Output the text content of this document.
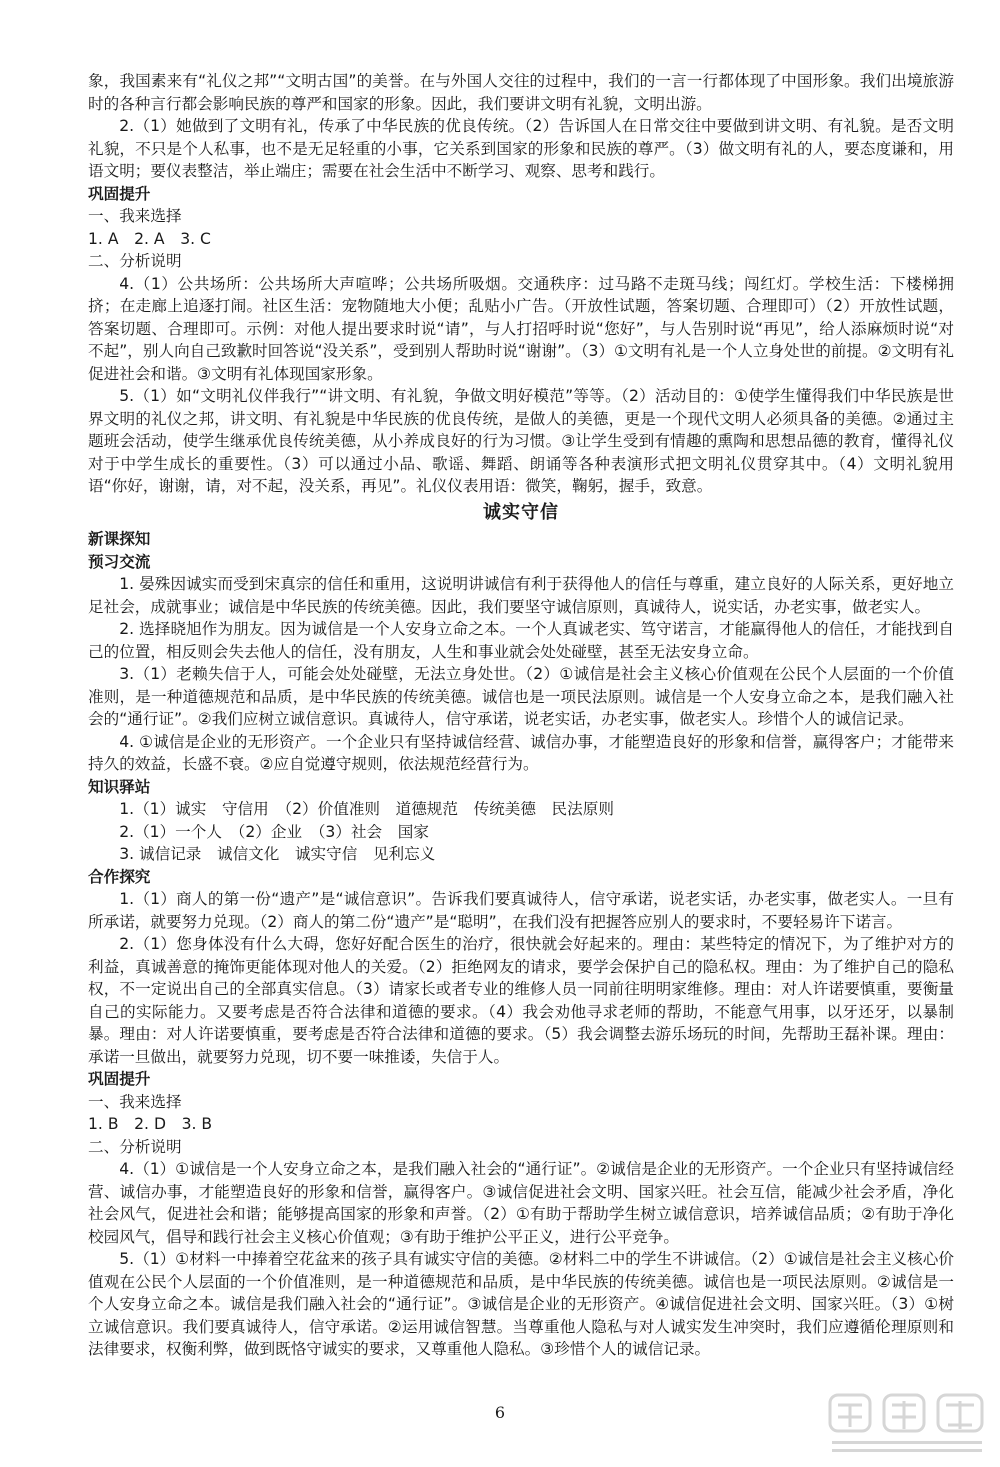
象，我国素来有“礼仪之邦”“文明古国”的美誉。在与外国人交往的过程中，我们的一言一行都体现了中国形象。我们出境旅游时的各种言行都会影响民族的尊严和国家的形象。因此，我们要讲文明有礼貌，文明出游。

2.（1）她做到了文明有礼，传承了中华民族的优良传统。（2）告诉国人在日常交往中要做到讲文明、有礼貌。是否文明礼貌，不只是个人私事，也不是无足轻重的小事，它关系到国家的形象和民族的尊严。（3）做文明有礼的人，要态度谦和，用语文明；要仪表整洁，举止端庄；需要在社会生活中不断学习、观察、思考和践行。

巩固提升

一、我来选择

1. A　2. A　3. C

二、分析说明

4.（1）公共场所：公共场所大声喧哗；公共场所吸烟。交通秩序：过马路不走斑马线；闯红灯。学校生活：下楼梯拥挤；在走廊上追逐打闹。社区生活：宠物随地大小便；乱贴小广告。（开放性试题，答案切题、合理即可）（2）开放性试题，答案切题、合理即可。示例：对他人提出要求时说“请”，与人打招呼时说“您好”，与人告别时说“再见”，给人添麻烦时说“对不起”，别人向自己致歉时回答说“没关系”，受到别人帮助时说“谢谢”。（3）①文明有礼是一个人立身处世的前提。②文明有礼促进社会和谐。③文明有礼体现国家形象。

5.（1）如“文明礼仪伴我行”“讲文明、有礼貌，争做文明好模范”等等。（2）活动目的：①使学生懂得我们中华民族是世界文明的礼仪之邦，讲文明、有礼貌是中华民族的优良传统，是做人的美德，更是一个现代文明人必须具备的美德。②通过主题班会活动，使学生继承优良传统美德，从小养成良好的行为习惯。③让学生受到有情趣的熏陶和思想品德的教育，懂得礼仪对于中学生成长的重要性。（3）可以通过小品、歌谣、舞蹈、朗诵等各种表演形式把文明礼仪贯穿其中。（4）文明礼貌用语“你好，谢谢，请，对不起，没关系，再见”。礼仪仪表用语：微笑，鞠躬，握手，致意。

诚实守信

新课探知

预习交流

1. 晏殊因诚实而受到宋真宗的信任和重用，这说明讲诚信有利于获得他人的信任与尊重，建立良好的人际关系，更好地立足社会，成就事业；诚信是中华民族的传统美德。因此，我们要坚守诚信原则，真诚待人，说实话，办老实事，做老实人。

2. 选择晓旭作为朋友。因为诚信是一个人安身立命之本。一个人真诚老实、笃守诺言，才能赢得他人的信任，才能找到自己的位置，相反则会失去他人的信任，没有朋友，人生和事业就会处处碰壁，甚至无法安身立命。

3.（1）老赖失信于人，可能会处处碰壁，无法立身处世。（2）①诚信是社会主义核心价值观在公民个人层面的一个价值准则，是一种道德规范和品质，是中华民族的传统美德。诚信也是一项民法原则。诚信是一个人安身立命之本，是我们融入社会的“通行证”。②我们应树立诚信意识。真诚待人，信守承诺，说老实话，办老实事，做老实人。珍惜个人的诚信记录。

4. ①诚信是企业的无形资产。一个企业只有坚持诚信经营、诚信办事，才能塑造良好的形象和信誉，赢得客户；才能带来持久的效益，长盛不衰。②应自觉遵守规则，依法规范经营行为。

知识驿站

1.（1）诚实　守信用　（2）价值准则　道德规范　传统美德　民法原则

2.（1）一个人　（2）企业　（3）社会　国家

3. 诚信记录　诚信文化　诚实守信　见利忘义

合作探究

1.（1）商人的第一份“遗产”是“诚信意识”。告诉我们要真诚待人，信守承诺，说老实话，办老实事，做老实人。一旦有所承诺，就要努力兑现。（2）商人的第二份“遗产”是“聪明”，在我们没有把握答应别人的要求时，不要轻易许下诺言。

2.（1）您身体没有什么大碍，您好好配合医生的治疗，很快就会好起来的。理由：某些特定的情况下，为了维护对方的利益，真诚善意的掩饰更能体现对他人的关爱。（2）拒绝网友的请求，要学会保护自己的隐私权。理由：为了维护自己的隐私权，不一定说出自己的全部真实信息。（3）请家长或者专业的维修人员一同前往明明家维修。理由：对人许诺要慎重，要衡量自己的实际能力。又要考虑是否符合法律和道德的要求。（4）我会劝他寻求老师的帮助，不能意气用事，以牙还牙，以暴制暴。理由：对人许诺要慎重，要考虑是否符合法律和道德的要求。（5）我会调整去游乐场玩的时间，先帮助王磊补课。理由：承诺一旦做出，就要努力兑现，切不要一味推诿，失信于人。

巩固提升

一、我来选择

1. B　2. D　3. B

二、分析说明

4.（1）①诚信是一个人安身立命之本，是我们融入社会的“通行证”。②诚信是企业的无形资产。一个企业只有坚持诚信经营、诚信办事，才能塑造良好的形象和信誉，赢得客户。③诚信促进社会文明、国家兴旺。社会互信，能减少社会矛盾，净化社会风气，促进社会和谐；能够提高国家的形象和声誉。（2）①有助于帮助学生树立诚信意识，培养诚信品质；②有助于净化校园风气，倡导和践行社会主义核心价值观；③有助于维护公平正义，进行公平竞争。

5.（1）①材料一中捧着空花盆来的孩子具有诚实守信的美德。②材料二中的学生不讲诚信。（2）①诚信是社会主义核心价值观在公民个人层面的一个价值准则，是一种道德规范和品质，是中华民族的传统美德。诚信也是一项民法原则。②诚信是一个人安身立命之本。诚信是我们融入社会的“通行证”。③诚信是企业的无形资产。④诚信促进社会文明、国家兴旺。（3）①树立诚信意识。我们要真诚待人，信守承诺。②运用诚信智慧。当尊重他人隐私与对人诚实发生冲突时，我们应遵循伦理原则和法律要求，权衡利弊，做到既恪守诚实的要求，又尊重他人隐私。③珍惜个人的诚信记录。

6
